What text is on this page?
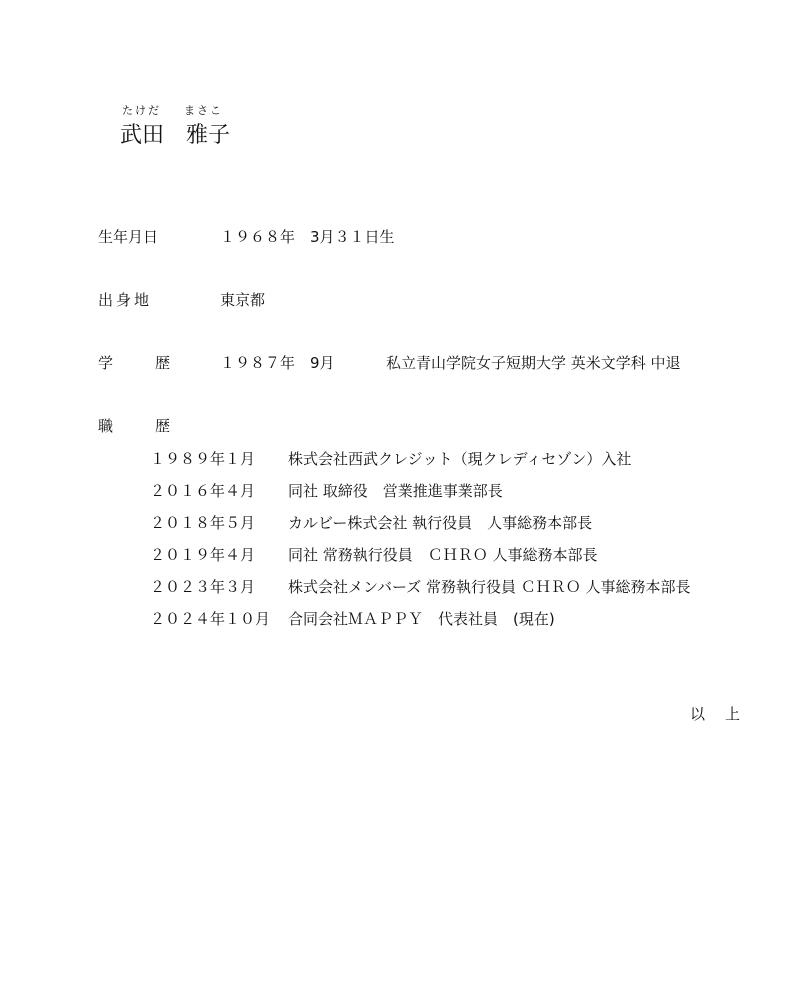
たけだ まさこ
武田 雅子
生年月日	１９６８年　3月３１日生
出身地	東京都
学歴 １９８７年　9月	私立青山学院女子短期大学 英米文学科 中退
職歴
１９８９年１月 株式会社西武クレジット（現クレディセゾン）入社
２０１６年４月 同社 取締役　営業推進事業部長
２０１８年５月 カルビー株式会社 執行役員　人事総務本部長
２０１９年４月 同社 常務執行役員　ＣＨＲＯ 人事総務本部長
２０２３年３月 株式会社メンバーズ 常務執行役員 ＣＨＲＯ 人事総務本部長
２０２４年１０月 合同会社ＭＡＰＰＹ　代表社員　(現在)
以上
